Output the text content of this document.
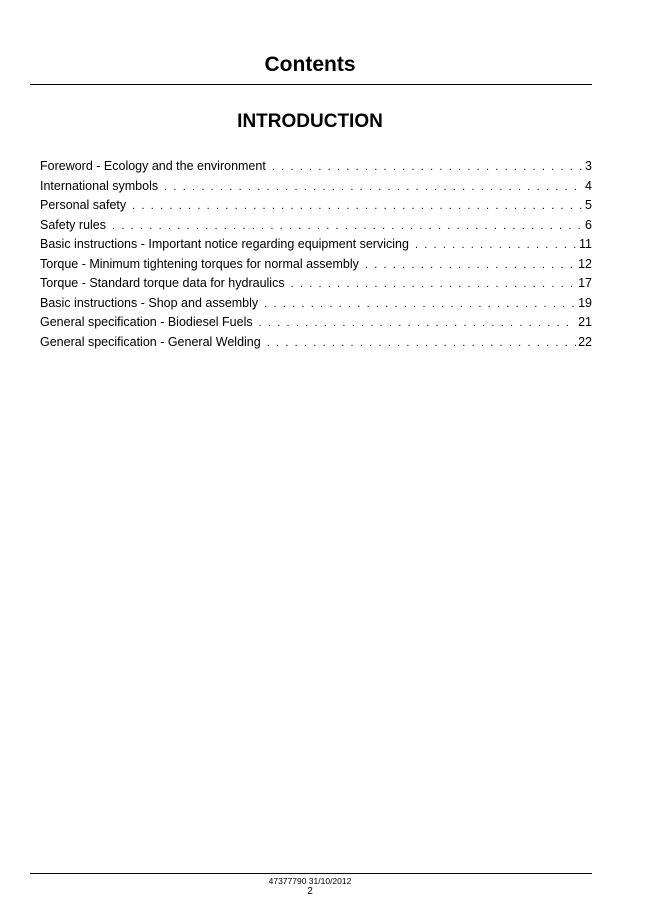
Contents
INTRODUCTION
Foreword - Ecology and the environment . . .	3
International symbols . . .	4
Personal safety . . .	5
Safety rules . . .	6
Basic instructions - Important notice regarding equipment servicing . . .	11
Torque - Minimum tightening torques for normal assembly . . .	12
Torque - Standard torque data for hydraulics . . .	17
Basic instructions - Shop and assembly . . .	19
General specification - Biodiesel Fuels . . .	21
General specification - General Welding . . .	22
47377790 31/10/2012
2
